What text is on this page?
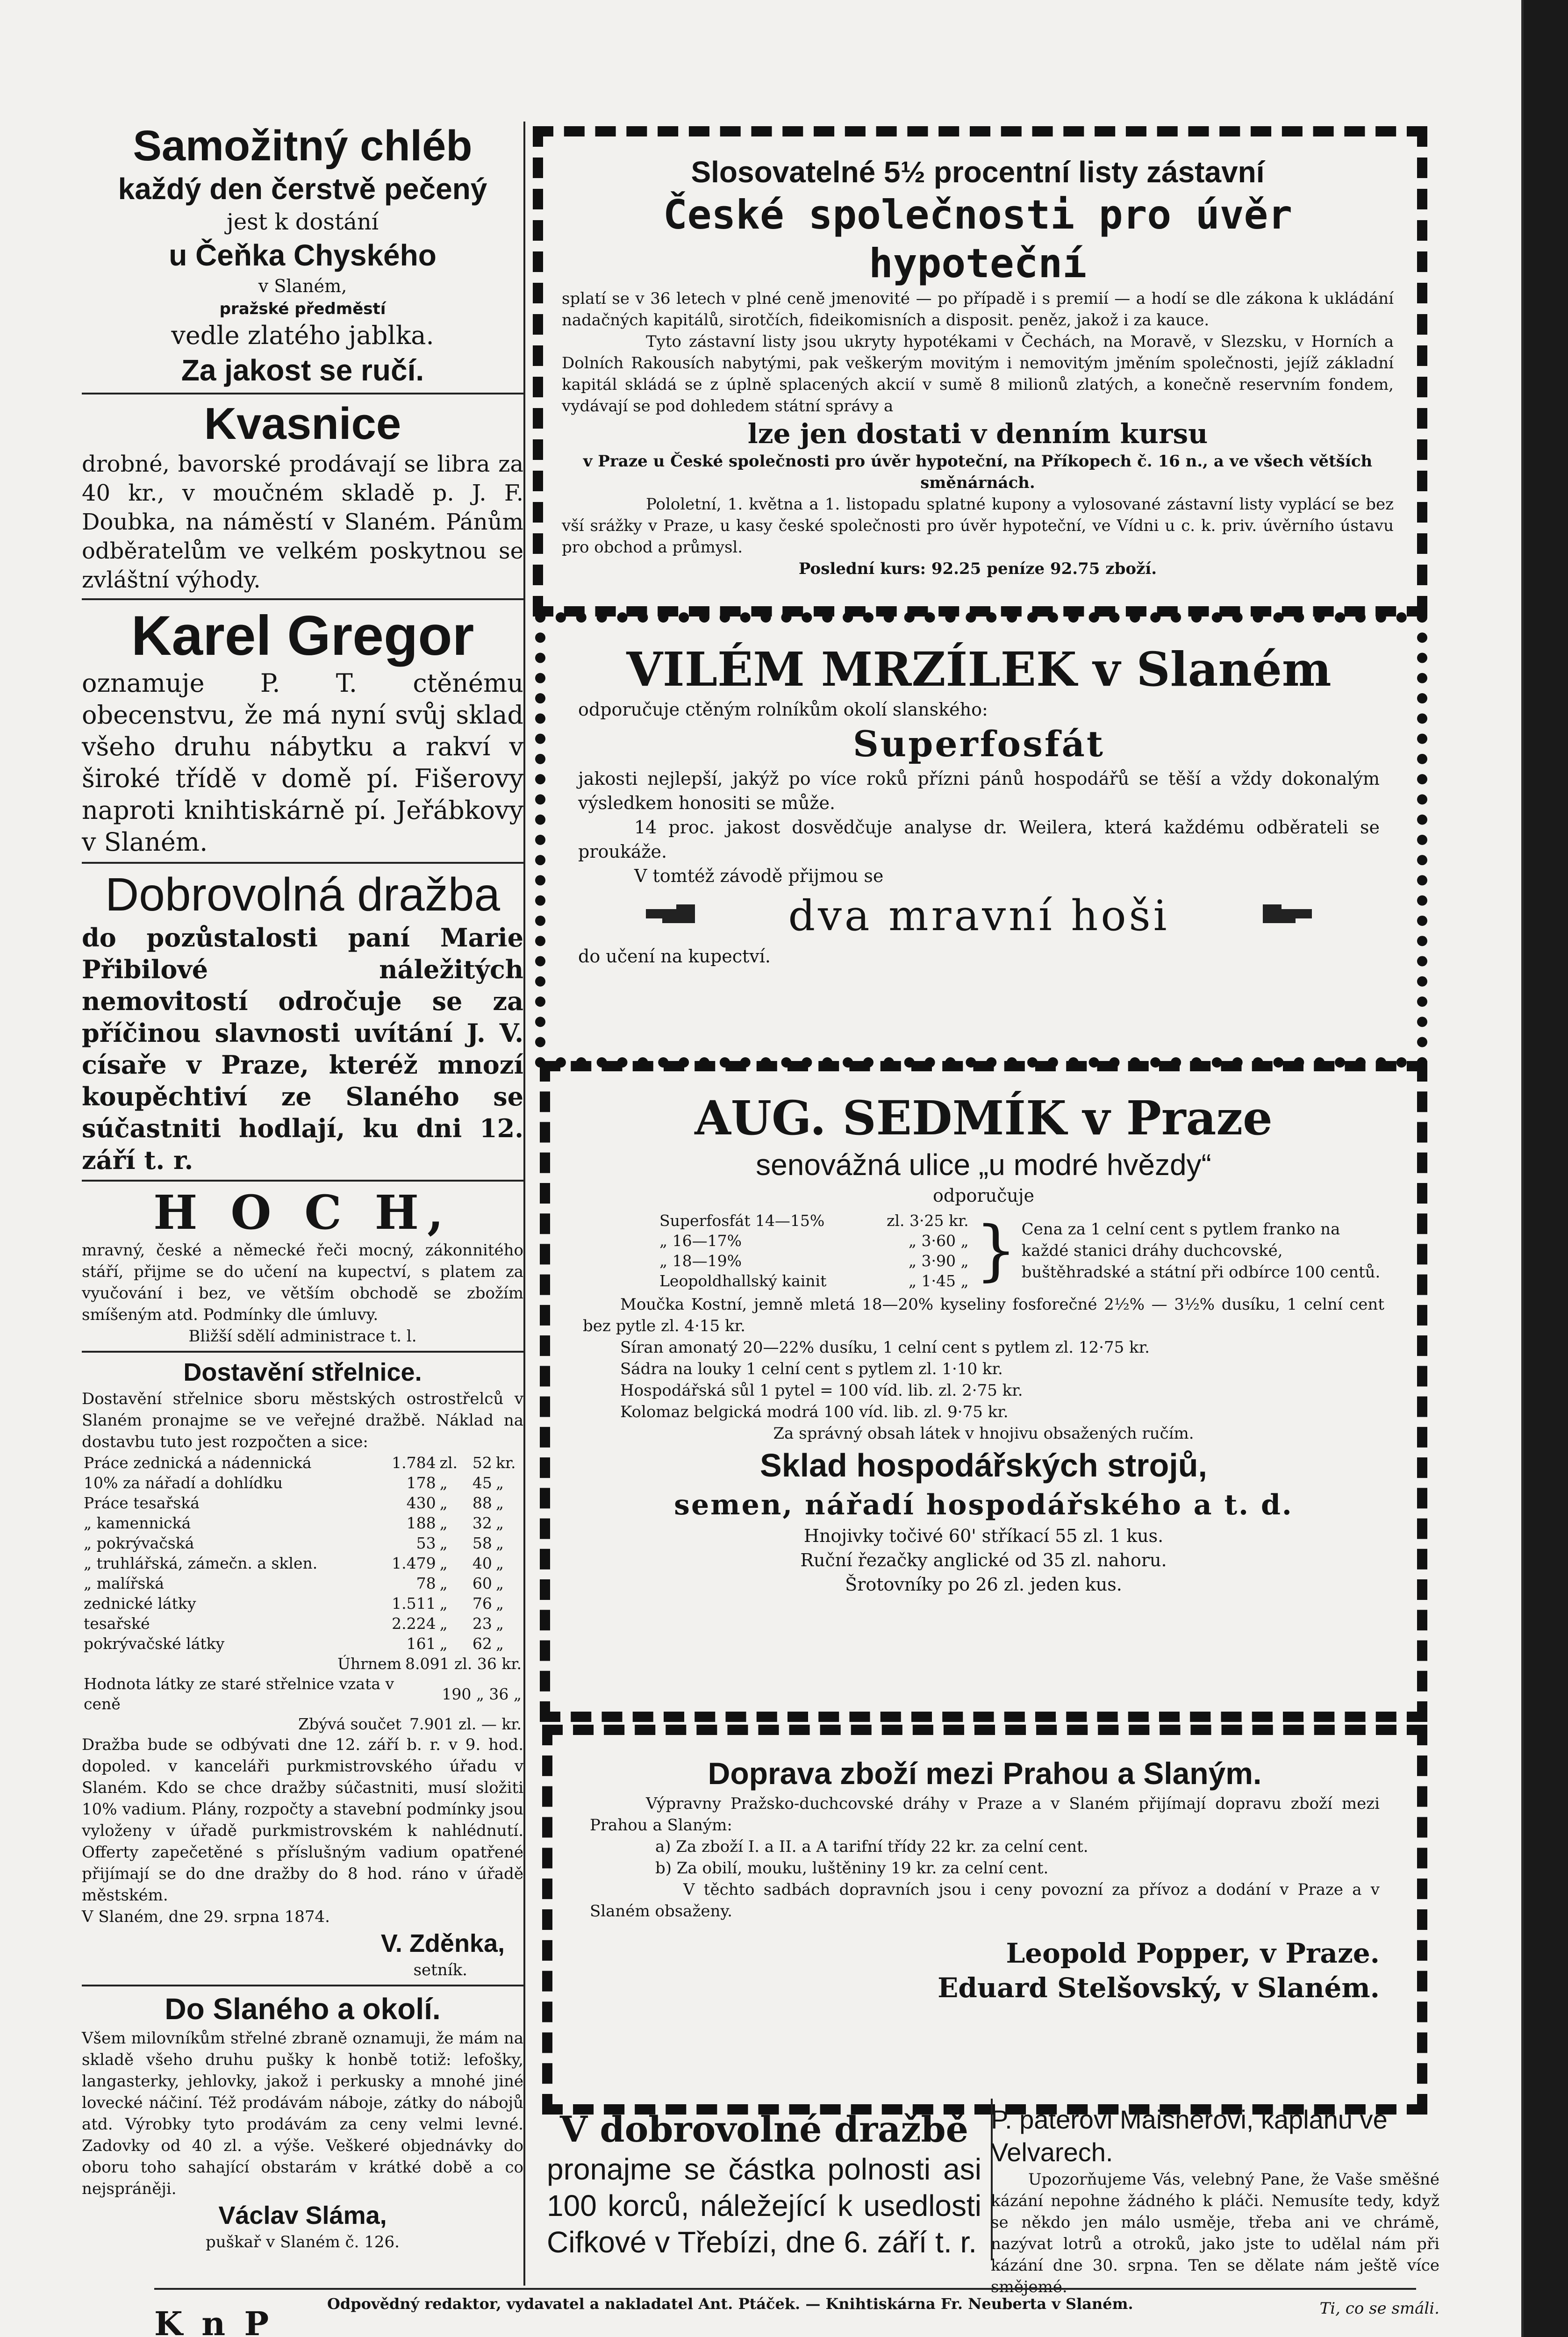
Samožitný chléb
každý den čerstvě pečený
jest k dostání
u Čeňka Chyského
v Slaném,
pražské předměstí
vedle zlatého jablka.
Za jakost se ručí.
Kvasnice

drobné, bavorské prodávají se libra za 40 kr., v moučném skladě p. J. F. Doubka, na náměstí v Slaném. Pánům odběratelům ve velkém poskytnou se zvláštní výhody.

Karel Gregor

oznamuje P. T. ctěnému obecenstvu, že má nyní svůj sklad všeho druhu nábytku a rakví v široké třídě v domě pí. Fišerovy naproti knihtiskárně pí. Jeřábkovy v Slaném.

Dobrovolná dražba

do pozůstalosti paní Marie Přibilové náležitých nemovitostí odročuje se za příčinou slavnosti uvítání J. V. císaře v Praze, kteréž mnozí koupěchtiví ze Slaného se súčastniti hodlají, ku dni 12. září t. r.

H O C H,

mravný, české a německé řeči mocný, zákonnitého stáří, přijme se do učení na kupectví, s platem za vyučování i bez, ve větším obchodě se zbožím smíšeným atd. Podmínky dle úmluvy.

Bližší sdělí administrace t. l.

Dostavění střelnice.

Dostavění střelnice sboru městských ostrostřelců v Slaném pronajme se ve veřejné dražbě. Náklad na dostavbu tuto jest rozpočten a sice:

Práce zednická a nádennická	1.784	zl.	52	kr.
10% za nářadí a dohlídku	178	„	45	„
Práce tesařská	430	„	88	„
„ kamennická	188	„	32	„
„ pokrývačská	53	„	58	„
„ truhlářská, zámečn. a sklen.	1.479	„	40	„
„ malířská	78	„	60	„
zednické látky	1.511	„	76	„
tesařské	2.224	„	23	„
pokrývačské látky	161	„	62	„
Úhrnem	8.091 zl. 36 kr.
Hodnota látky ze staré střelnice vzata v ceně	190 „ 36 „
Zbývá součet	7.901 zl. — kr.

Dražba bude se odbývati dne 12. září b. r. v 9. hod. dopoled. v kanceláři purkmistrovského úřadu v Slaném. Kdo se chce dražby súčastniti, musí složiti 10% vadium. Plány, rozpočty a stavební podmínky jsou vyloženy v úřadě purkmistrovském k nahlédnutí. Offerty zapečetěné s příslušným vadium opatřené přijímají se do dne dražby do 8 hod. ráno v úřadě městském.

V Slaném, dne 29. srpna 1874.

V. Zděnka,
setník.
Do Slaného a okolí.

Všem milovníkům střelné zbraně oznamuji, že mám na skladě všeho druhu pušky k honbě totiž: lefošky, langasterky, jehlovky, jakož i perkusky a mnohé jiné lovecké náčiní. Též prodávám náboje, zátky do nábojů atd. Výrobky tyto prodávám za ceny velmi levné. Zadovky od 40 zl. a výše. Veškeré objednávky do oboru toho sahající obstarám v krátké době a co nejspráněji.

Václav Sláma,
puškař v Slaném č. 126.
Slosovatelné 5½ procentní listy zástavní
České společnosti pro úvěr hypoteční

splatí se v 36 letech v plné ceně jmenovité — po případě i s premií — a hodí se dle zákona k ukládání nadačných kapitálů, sirotčích, fideikomisních a disposit. peněz, jakož i za kauce.

Tyto zástavní listy jsou ukryty hypotékami v Čechách, na Moravě, v Slezsku, v Horních a Dolních Rakousích nabytými, pak veškerým movitým i nemovitým jměním společnosti, jejíž základní kapitál skládá se z úplně splacených akcií v sumě 8 milionů zlatých, a konečně reservním fondem, vydávají se pod dohledem státní správy a

lze jen dostati v denním kursu

v Praze u České společnosti pro úvěr hypoteční, na Příkopech č. 16 n., a ve všech větších směnárnách.

Pololetní, 1. května a 1. listopadu splatné kupony a vylosované zástavní listy vyplácí se bez vší srážky v Praze, u kasy české společnosti pro úvěr hypoteční, ve Vídni u c. k. priv. úvěrního ústavu pro obchod a průmysl.

Poslední kurs: 92.25 peníze 92.75 zboží.

VILÉM MRZÍLEK v Slaném

odporučuje ctěným rolníkům okolí slanského:

Superfosfát

jakosti nejlepší, jakýž po více roků přízni pánů hospodářů se těší a vždy dokonalým výsledkem honositi se může.

14 proc. jakost dosvědčuje analyse dr. Weilera, která každému odběrateli se proukáže.

V tomtéž závodě přijmou se

dva mravní hoši

do učení na kupectví.

AUG. SEDMÍK v Praze
senovážná ulice „u modré hvězdy“
odporučuje
Superfosfát 14—15%	zl. 3·25 kr.
„ 16—17%	„ 3·60 „
„ 18—19%	„ 3·90 „
Leopoldhallský kainit	„ 1·45 „ } Cena za 1 celní cent s pytlem franko na každé stanici dráhy duchcovské, buštěhradské a státní při odbírce 100 centů.

Moučka Kostní, jemně mletá 18—20% kyseliny fosforečné 2½% — 3½% dusíku, 1 celní cent bez pytle zl. 4·15 kr.

Síran amonatý 20—22% dusíku, 1 celní cent s pytlem zl. 12·75 kr.

Sádra na louky 1 celní cent s pytlem zl. 1·10 kr.

Hospodářská sůl 1 pytel = 100 víd. lib. zl. 2·75 kr.

Kolomaz belgická modrá 100 víd. lib. zl. 9·75 kr.

Za správný obsah látek v hnojivu obsažených ručím.

Sklad hospodářských strojů,
semen, nářadí hospodářského a t. d.
Hnojivky točivé 60' stříkací 55 zl. 1 kus.
Ruční řezačky anglické od 35 zl. nahoru.
Šrotovníky po 26 zl. jeden kus.
Doprava zboží mezi Prahou a Slaným.

Výpravny Pražsko-duchcovské dráhy v Praze a v Slaném přijímají dopravu zboží mezi Prahou a Slaným:

a) Za zboží I. a II. a A tarifní třídy 22 kr. za celní cent.

b) Za obilí, mouku, luštěniny 19 kr. za celní cent.

V těchto sadbách dopravních jsou i ceny povozní za přívoz a dodání v Praze a v Slaném obsaženy.

Leopold Popper, v Praze.
Eduard Stelšovský, v Slaném.
V dobrovolné dražbě

pronajme se částka polnosti asi 100 korců, náležející k usedlosti Cifkové v Třebízi, dne 6. září t. r.

P. páterovi Maisnerovi, kaplanu ve Velvarech.

Upozorňujeme Vás, velebný Pane, že Vaše směšné kázání nepohne žádného k pláči. Nemusíte tedy, když se někdo jen málo usměje, třeba ani ve chrámě, nazývat lotrů a otroků, jako jste to udělal nám při kázání dne 30. srpna. Ten se dělate nám ještě více smějemé.

Ti, co se smáli.
K n P
Odpovědný redaktor, vydavatel a nakladatel Ant. Ptáček. — Knihtiskárna Fr. Neuberta v Slaném.
